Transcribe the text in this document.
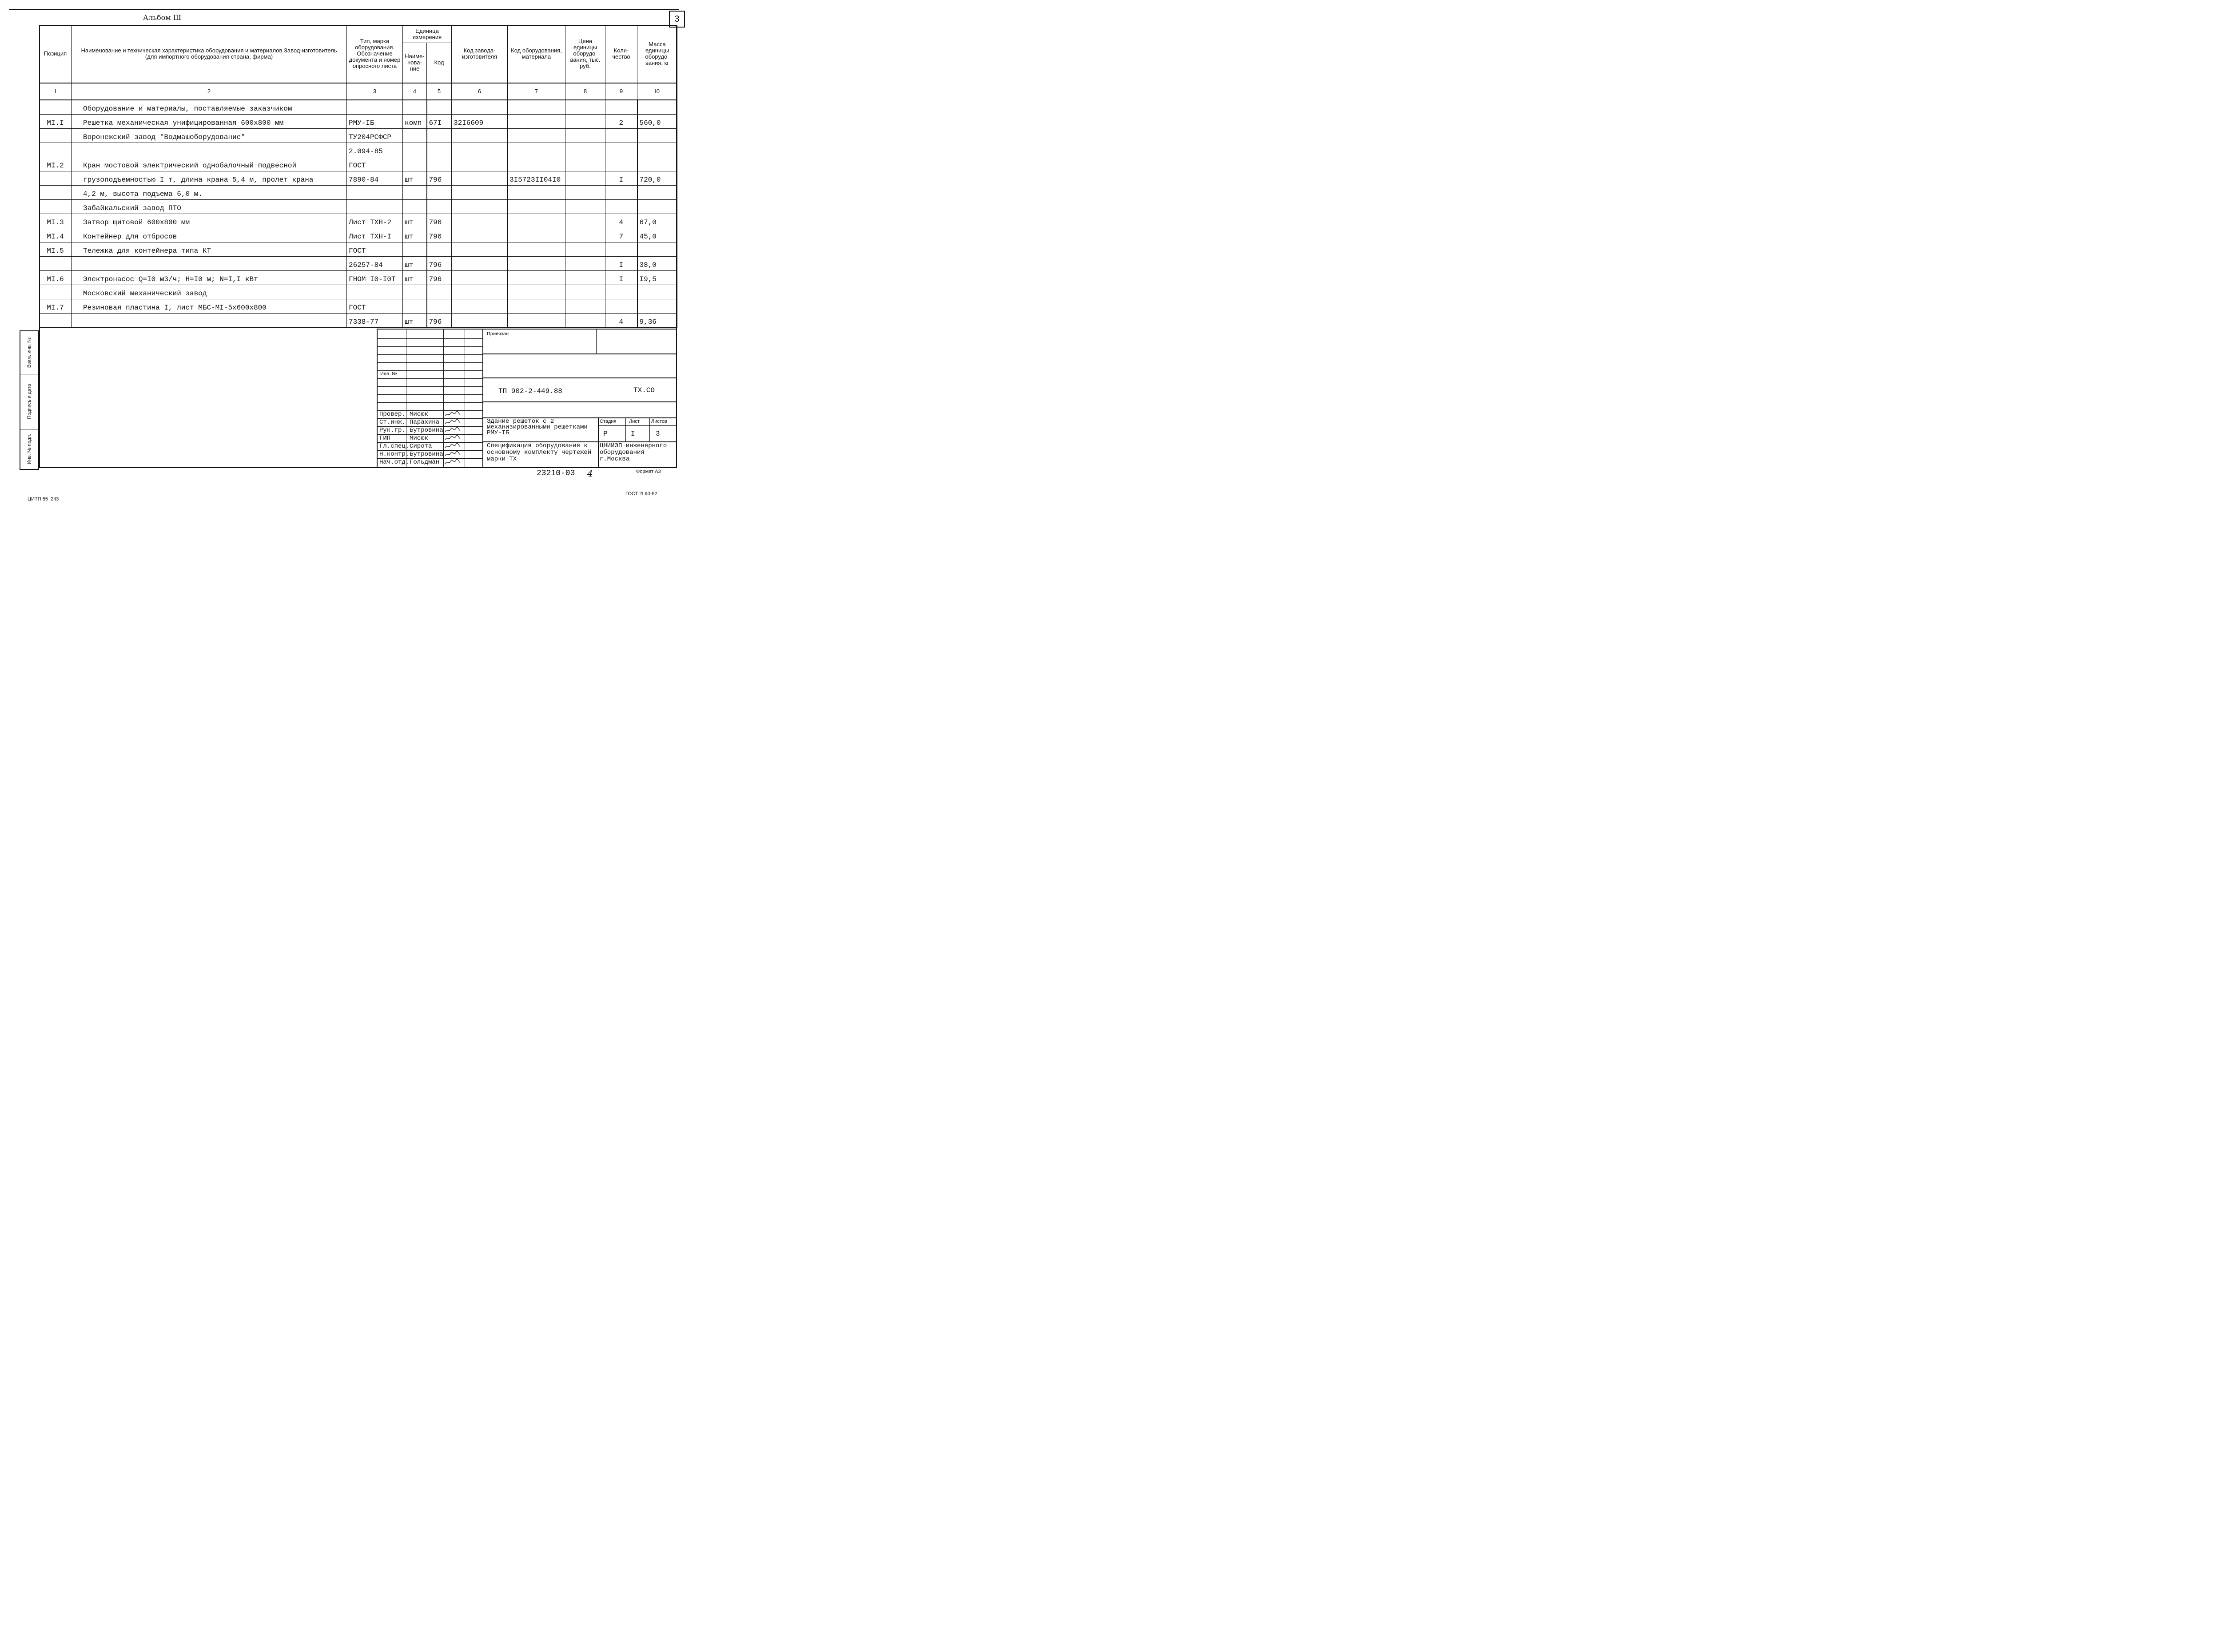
Альбом Ш	3
Позиция	Наименование и техническая характеристика оборудования и материалов Завод-изготовитель (для импортного оборудования-страна, фирма)	Тип, марка оборудования. Обозначение документа и номер опросного листа	Единица измерения		Код завода-изготовителя	Код оборудования, материала	Цена единицы оборудо-вания, тыс. руб.	Коли-чество	Масса единицы оборудо-вания, кг
			Наиме-нова-ние	Код					
I	2	3	4	5	6	7	8	9	I0
	Оборудование и материалы, поставляемые заказчиком								
MI.I	Решетка механическая унифицированная 600х800 мм	РМУ-IБ	комп	67I	32I6609			2	560,0
	Воронежский завод "Водмашоборудование"	ТУ204РСФСР							
		2.094-85							
MI.2	Кран мостовой электрический однобалочный подвесной	ГОСТ							
	грузоподъемностью I т, длина крана 5,4 м, пролет крана	7890-84	шт	796		3I5723II04I0		I	720,0
	4,2 м, высота подъема 6,0 м.								
	Забайкальский завод ПТО								
MI.3	Затвор щитовой 600х800 мм	Лист ТХН-2	шт	796				4	67,0
MI.4	Контейнер для отбросов	Лист ТХН-I	шт	796				7	45,0
MI.5	Тележка для контейнера типа КТ	ГОСТ							
		26257-84	шт	796				I	38,0
MI.6	Электронасос Q=I0 м3/ч; H=I0 м; N=I,I кВт	ГНОМ I0-I0Т	шт	796				I	I9,5
	Московский механический завод								
MI.7	Резиновая пластина I, лист МБС-МI-5х600х800	ГОСТ							
		7338-77	шт	796				4	9,36
Взам. инв. №
Подпись и дата
Инв. № подл.
Инв. №
Провер. Мисюк
Ст.инж. Парахина
Рук.гр. Бутровина
ГИП	Мисюк
Гл.спец. Сирота
Н.контр. Бутровина
Нач.отд. Гольдман
Привязан
ТП 902-2-449.88	ТХ.СО
Здание решеток с 2 механизированными решетками РМУ-IБ
Стадия	Лист Листов
Р	I	3
Спецификация оборудования к основному комплекту чертежей марки ТХ
ЦНИИЭП инженерного оборудования г.Москва
23210-03 4	Формат А3
ЦИТП 55 I2II3
ГОСТ 2I.II0-82
